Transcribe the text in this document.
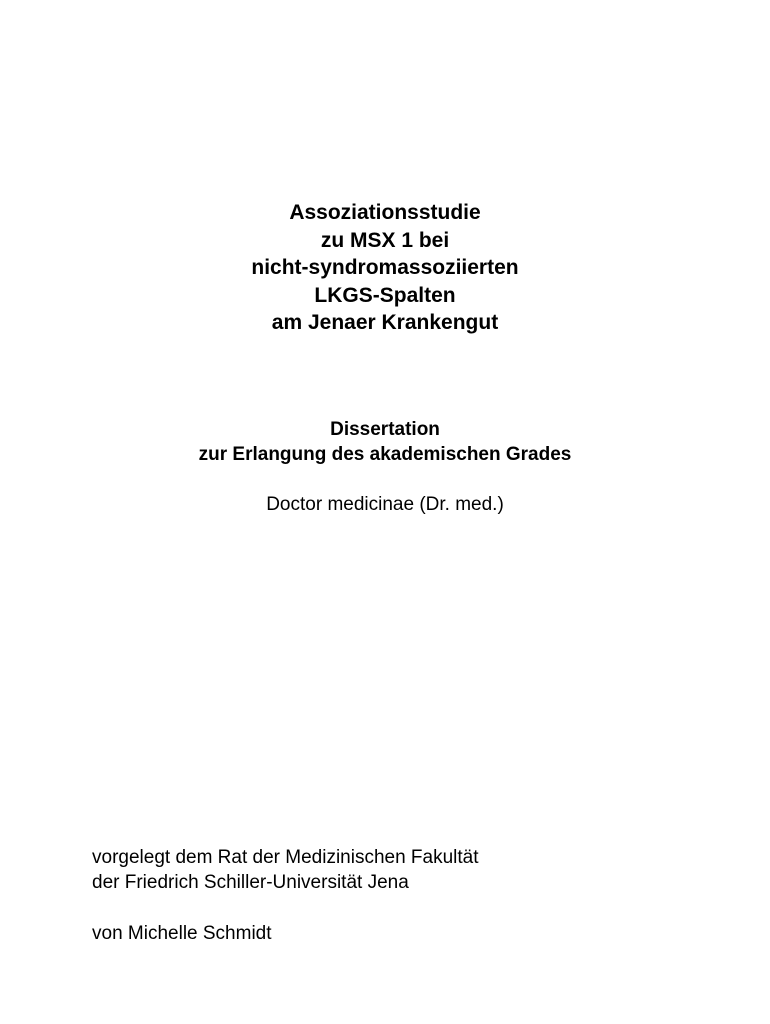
Assoziationsstudie
zu MSX 1 bei
nicht-syndromassoziierten
LKGS-Spalten
am Jenaer Krankengut
Dissertation
zur Erlangung des akademischen Grades
Doctor medicinae (Dr. med.)
vorgelegt dem Rat der Medizinischen Fakultät
der Friedrich Schiller-Universität Jena
von Michelle Schmidt
